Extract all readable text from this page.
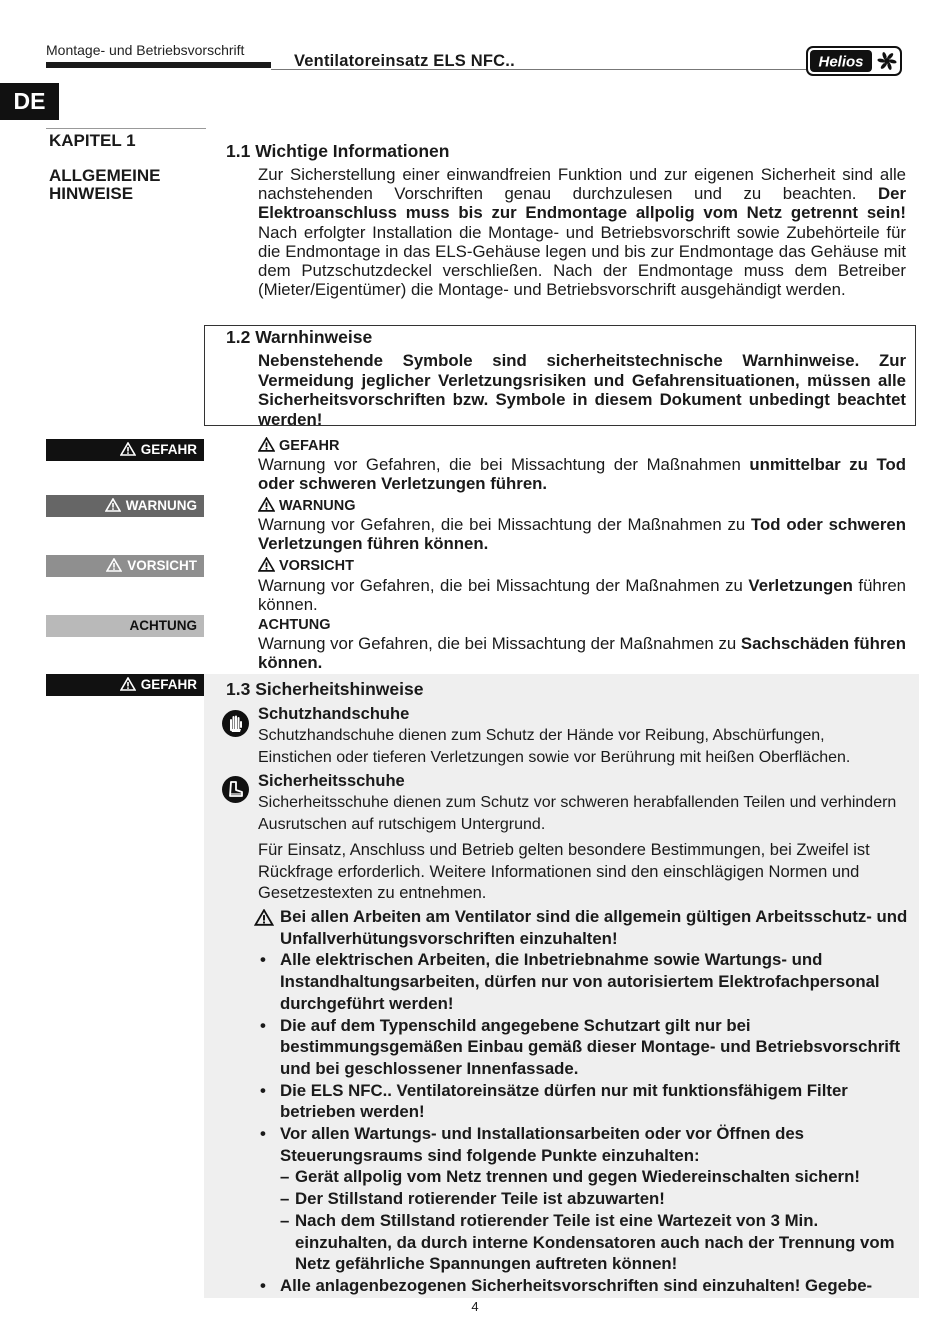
Montage- und Betriebsvorschrift
Ventilatoreinsatz ELS NFC..	Helios
DE
KAPITEL 1
ALLGEMEINE HINWEISE
GEFAHR
WARNUNG
VORSICHT
ACHTUNG
GEFAHR
1.1 Wichtige Informationen
Zur Sicherstellung einer einwandfreien Funktion und zur eigenen Sicherheit sind alle nachstehenden Vorschriften genau durchzulesen und zu beachten. Der Elektroanschluss muss bis zur Endmontage allpolig vom Netz getrennt sein! Nach erfolgter Installation die Montage- und Betriebsvorschrift sowie Zubehörteile für die Endmontage in das ELS-Gehäuse legen und bis zur Endmontage das Gehäuse mit dem Putzschutzdeckel verschließen. Nach der Endmontage muss dem Betreiber (Mieter/Eigentümer) die Montage- und Betriebsvorschrift ausgehändigt werden.
1.2 Warnhinweise
Nebenstehende Symbole sind sicherheitstechnische Warnhinweise. Zur Vermeidung jeglicher Verletzungsrisiken und Gefahrensituationen, müssen alle Sicherheitsvorschriften bzw. Symbole in diesem Dokument unbedingt beachtet werden!
GEFAHR
Warnung vor Gefahren, die bei Missachtung der Maßnahmen unmittelbar zu Tod oder schweren Verletzungen führen.
WARNUNG
Warnung vor Gefahren, die bei Missachtung der Maßnahmen zu Tod oder schweren Verletzungen führen können.
VORSICHT
Warnung vor Gefahren, die bei Missachtung der Maßnahmen zu Verletzungen führen können.
ACHTUNG
Warnung vor Gefahren, die bei Missachtung der Maßnahmen zu Sachschäden führen können.
1.3 Sicherheitshinweise
Schutzhandschuhe
Schutzhandschuhe dienen zum Schutz der Hände vor Reibung, Abschürfungen, Einstichen oder tieferen Verletzungen sowie vor Berührung mit heißen Oberflächen.
Sicherheitsschuhe
Sicherheitsschuhe dienen zum Schutz vor schweren herabfallenden Teilen und verhindern Ausrutschen auf rutschigem Untergrund.
Für Einsatz, Anschluss und Betrieb gelten besondere Bestimmungen, bei Zweifel ist Rückfrage erforderlich. Weitere Informationen sind den einschlägigen Normen und Gesetzestexten zu entnehmen.
Bei allen Arbeiten am Ventilator sind die allgemein gültigen Arbeitsschutz- und Unfallverhütungsvorschriften einzuhalten!
• Alle elektrischen Arbeiten, die Inbetriebnahme sowie Wartungs- und Instandhaltungsarbeiten, dürfen nur von autorisiertem Elektrofachpersonal durchgeführt werden!
• Die auf dem Typenschild angegebene Schutzart gilt nur bei bestimmungsgemäßen Einbau gemäß dieser Montage- und Betriebsvorschrift und bei geschlossener Innenfassade.
• Die ELS NFC.. Ventilatoreinsätze dürfen nur mit funktionsfähigem Filter betrieben werden!
• Vor allen Wartungs- und Installationsarbeiten oder vor Öffnen des Steuerungsraums sind folgende Punkte einzuhalten:
– Gerät allpolig vom Netz trennen und gegen Wiedereinschalten sichern!
– Der Stillstand rotierender Teile ist abzuwarten!
– Nach dem Stillstand rotierender Teile ist eine Wartezeit von 3 Min. einzuhalten, da durch interne Kondensatoren auch nach der Trennung vom Netz gefährliche Spannungen auftreten können!
• Alle anlagenbezogenen Sicherheitsvorschriften sind einzuhalten! Gegebe-
4
